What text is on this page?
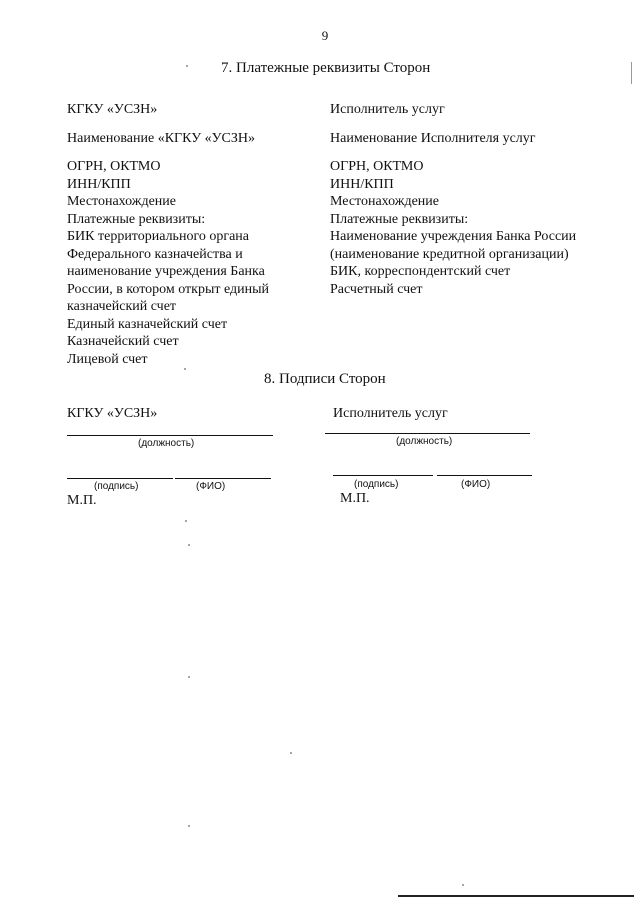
9
7. Платежные реквизиты Сторон
КГКУ «УСЗН»
Наименование «КГКУ «УСЗН»
ОГРН, ОКТМО
ИНН/КПП
Местонахождение
Платежные реквизиты:
БИК территориального органа
Федерального казначейства и
наименование учреждения Банка
России, в котором открыт единый
казначейский счет
Единый казначейский счет
Казначейский счет
Лицевой счет
Исполнитель услуг
Наименование Исполнителя услуг
ОГРН, ОКТМО
ИНН/КПП
Местонахождение
Платежные реквизиты:
Наименование учреждения Банка России
(наименование кредитной организации)
БИК, корреспондентский счет
Расчетный счет
8. Подписи Сторон
КГКУ «УСЗН»
(должность)
(подпись)	(ФИО)
М.П.
Исполнитель услуг
(должность)
(подпись)	(ФИО)
М.П.
